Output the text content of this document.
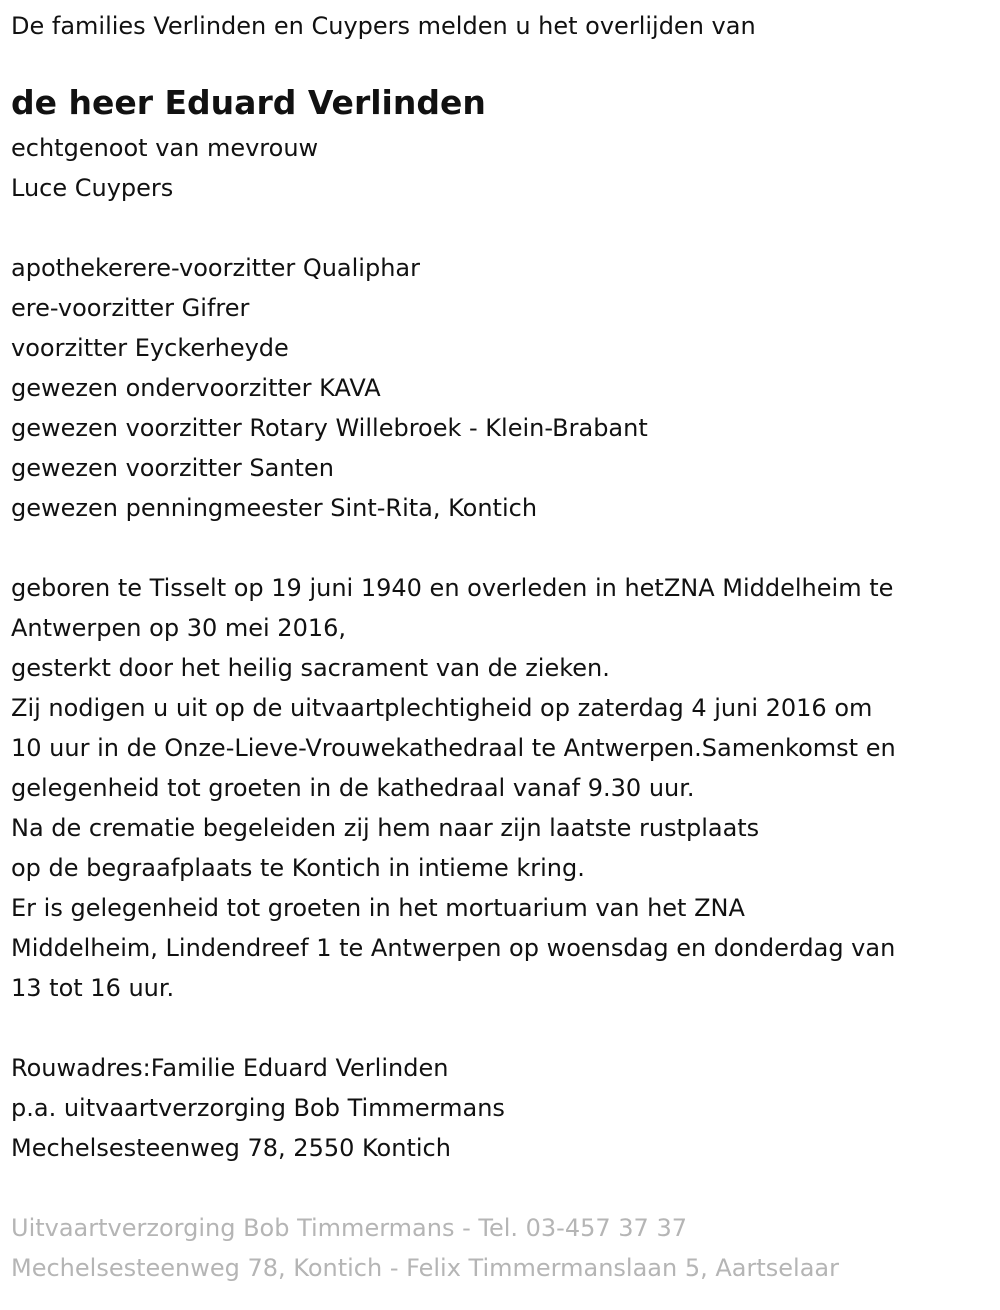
De families Verlinden en Cuypers melden u het overlijden van
de heer Eduard Verlinden
echtgenoot van mevrouw
Luce Cuypers
apothekerere-voorzitter Qualiphar
ere-voorzitter Gifrer
voorzitter Eyckerheyde
gewezen ondervoorzitter KAVA
gewezen voorzitter Rotary Willebroek - Klein-Brabant
gewezen voorzitter Santen
gewezen penningmeester Sint-Rita, Kontich
geboren te Tisselt op 19 juni 1940 en overleden in hetZNA Middelheim te
Antwerpen op 30 mei 2016,
gesterkt door het heilig sacrament van de zieken.
Zij nodigen u uit op de uitvaartplechtigheid op zaterdag 4 juni 2016 om
10 uur in de Onze-Lieve-Vrouwekathedraal te Antwerpen.Samenkomst en
gelegenheid tot groeten in de kathedraal vanaf 9.30 uur.
Na de crematie begeleiden zij hem naar zijn laatste rustplaats
op de begraafplaats te Kontich in intieme kring.
Er is gelegenheid tot groeten in het mortuarium van het ZNA
Middelheim, Lindendreef 1 te Antwerpen op woensdag en donderdag van
13 tot 16 uur.
Rouwadres:Familie Eduard Verlinden
p.a. uitvaartverzorging Bob Timmermans
Mechelsesteenweg 78, 2550 Kontich
Uitvaartverzorging Bob Timmermans - Tel. 03-457 37 37
Mechelsesteenweg 78, Kontich - Felix Timmermanslaan 5, Aartselaar
